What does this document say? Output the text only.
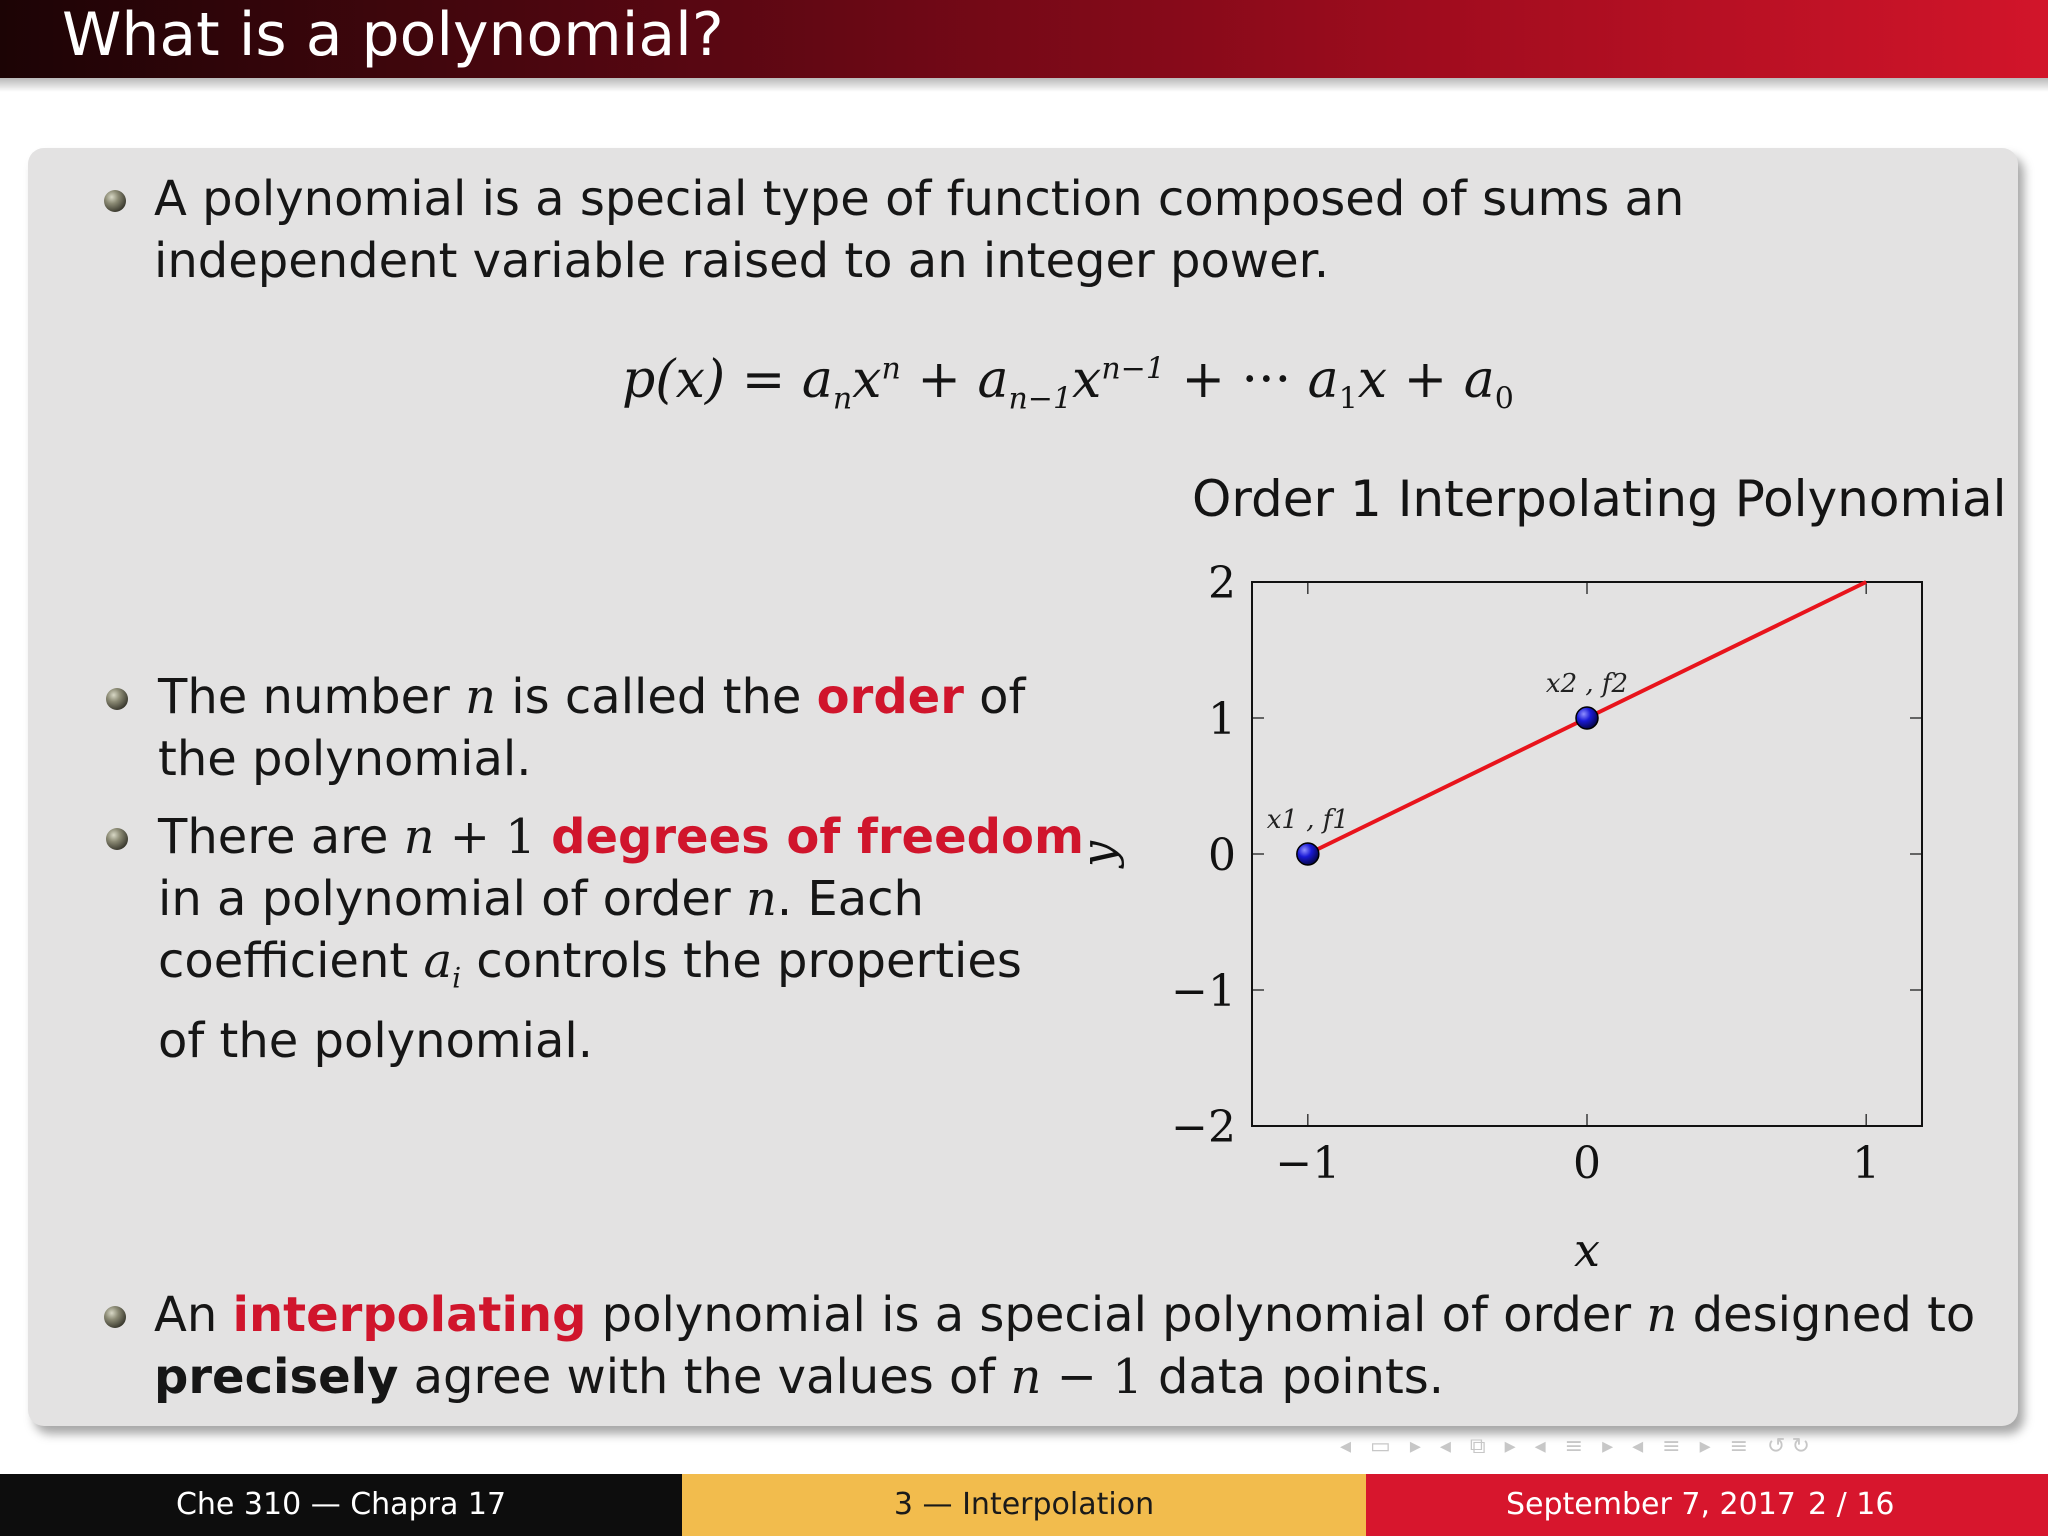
What is a polynomial?
A polynomial is a special type of function composed of sums an
independent variable raised to an integer power.
$p(x) = a_nx^n + a_{n-1}x^{n-1}$ + ··· $a_1x + a_0$
The number n is called the order of
the polynomial.
There are n + 1 degrees of freedom
in a polynomial of order n. Each
coefficient $a_i$ controls the properties
of the polynomial.
An interpolating polynomial is a special polynomial of order n designed to
precisely agree with the values of n − 1 data points.
Order 1 Interpolating Polynomial
−1	0	1
−2
−1
0
1
2
x
y
x1 , f1
x2 , f2
◂ ▭ ▸ ◂ ⧉ ▸ ◂ ≡ ▸ ◂ ≡ ▸ ≡ ↺↻
Che 310 — Chapra 17	3 — Interpolation	September 7, 2017 2 / 16
